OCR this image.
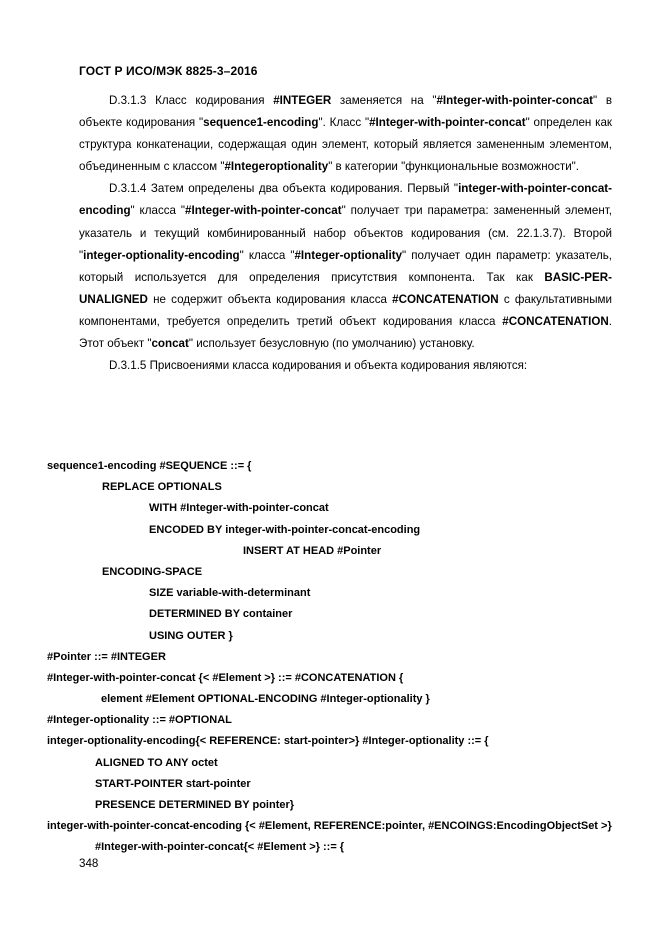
ГОСТ Р ИСО/МЭК 8825-3–2016

D.3.1.3 Класс кодирования #INTEGER заменяется на "#Integer-with-pointer-concat" в объекте кодирования "sequence1-encoding". Класс "#Integer-with-pointer-concat" определен как структура конкатенации, содержащая один элемент, который является замененным элементом, объединенным с классом "#Integeroptionality" в категории "функциональные возможности".

D.3.1.4 Затем определены два объекта кодирования. Первый "integer-with-pointer-concat-encoding" класса "#Integer-with-pointer-concat" получает три параметра: замененный элемент, указатель и текущий комбинированный набор объектов кодирования (см. 22.1.3.7). Второй "integer-optionality-encoding" класса "#Integer-optionality" получает один параметр: указатель, который используется для определения присутствия компонента. Так как BASIC-PER-UNALIGNED не содержит объекта кодирования класса #CONCATENATION с факультативными компонентами, требуется определить третий объект кодирования класса #CONCATENATION. Этот объект "concat" использует безусловную (по умолчанию) установку.

D.3.1.5 Присвоениями класса кодирования и объекта кодирования являются:

sequence1-encoding #SEQUENCE ::= {
REPLACE OPTIONALS
WITH #Integer-with-pointer-concat
ENCODED BY integer-with-pointer-concat-encoding
INSERT AT HEAD #Pointer
ENCODING-SPACE
SIZE variable-with-determinant
DETERMINED BY container
USING OUTER }
#Pointer ::= #INTEGER
#Integer-with-pointer-concat {< #Element >} ::= #CONCATENATION {
element #Element OPTIONAL-ENCODING #Integer-optionality }
#Integer-optionality ::= #OPTIONAL
integer-optionality-encoding{< REFERENCE: start-pointer>} #Integer-optionality ::= {
ALIGNED TO ANY octet
START-POINTER start-pointer
PRESENCE DETERMINED BY pointer}
integer-with-pointer-concat-encoding {< #Element, REFERENCE:pointer, #ENCOINGS:EncodingObjectSet >}
#Integer-with-pointer-concat{< #Element >} ::= {
348
